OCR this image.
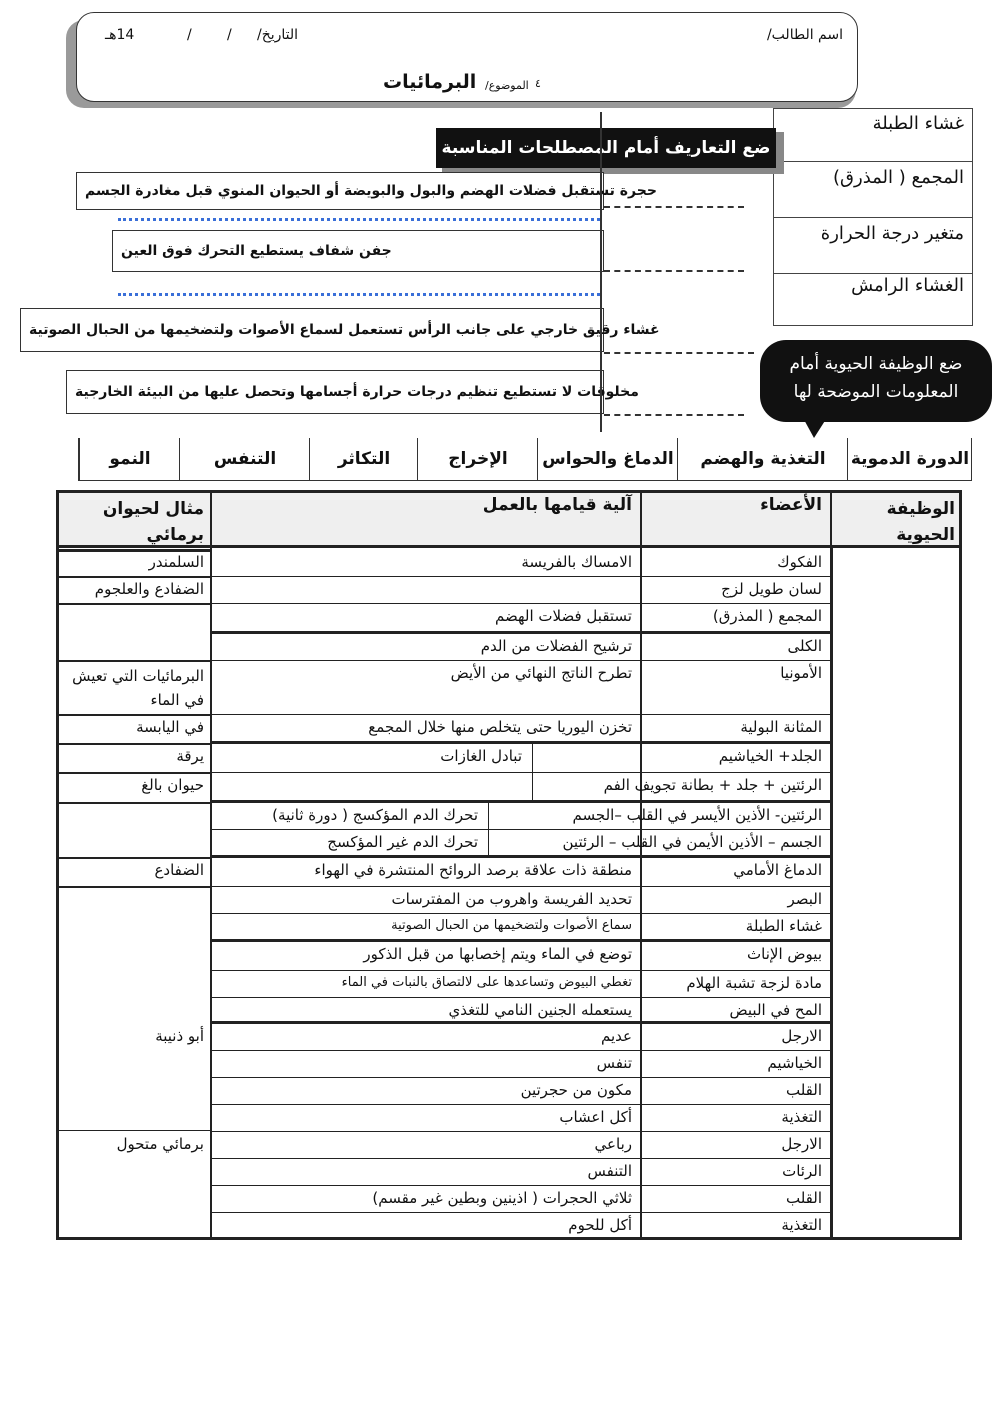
اسم الطالب/
التاريخ/
/
/
14هـ
الموضوع/ ٤
البرمائيات
غشاء الطبلة
المجمع ( المذرق)
متغير درجة الحرارة
الغشاء الرامش
ضع التعاريف أمام المصطلحات المناسبة
حجرة تستقبل فضلات الهضم والبول والبويضة أو الحيوان المنوي قبل مغادرة الجسم
جفن شفاف يستطيع التحرك فوق العين
غشاء رقيق خارجي على جانب الرأس تستعمل لسماع الأصوات ولتضخيمها من الحبال الصوتية
مخلوقات لا تستطيع تنظيم درجات حرارة أجسامها وتحصل عليها من البيئة الخارجية
ضع الوظيفة الحيوية أمام
المعلومات الموضحة لها
الدورة الدموية
التغذية والهضم
الدماغ والحواس
الإخراج
التكاثر
التنفس
النمو
الوظيفة الحيوية
الأعضاء
آلية قيامها بالعمل
مثال لحيوان برمائي
الفكوك
الامساك بالفريسة
السلمندر
لسان طويل لزج
الضفادع والعلجوم
المجمع ( المذرق)
تستقبل فضلات الهضم
الكلى
ترشيح الفضلات من الدم
الأمونيا
تطرح الناتج النهائي من الأيض
البرمائيات التي تعيش في الماء
المثانة البولية
تخزن اليوريا حتى يتخلص منها خلال المجمع
في اليابسة
الجلد+ الخياشيم
تبادل الغازات
يرقة
الرئتين + جلد + بطانة تجويف الفم
حيوان بالغ
الرئتين- الأذين الأيسر في القلب –الجسم
تحرك الدم المؤكسج ( دورة ثانية)
الجسم – الأذين الأيمن في القلب – الرئتين
تحرك الدم غير المؤكسج
الدماغ الأمامي
منطقة ذات علاقة برصد الروائح المنتشرة في الهواء
الضفادع
البصر
تحديد الفريسة واهروب من المفترسات
غشاء الطبلة
سماع الأصوات ولتضخيمها من الحبال الصوتية
بيوض الإناث
توضع في الماء ويتم إخصابها من قبل الذكور
مادة لزجة تشبة الهلام
تغطي البيوض وتساعدها على لالتصاق بالنبات في الماء
المح في البيض
يستعمله الجنين النامي للتغذي
الارجل
عديم
أبو ذنيبة
الخياشيم
تنفس
القلب
مكون من حجرتين
التغذية
أكل اعشاب
الارجل
رباعي
برمائي متحول
الرئات
التنفس
القلب
ثلاثي الحجرات ( اذينين وبطين غير مقسم)
التغذية
أكل للحوم
